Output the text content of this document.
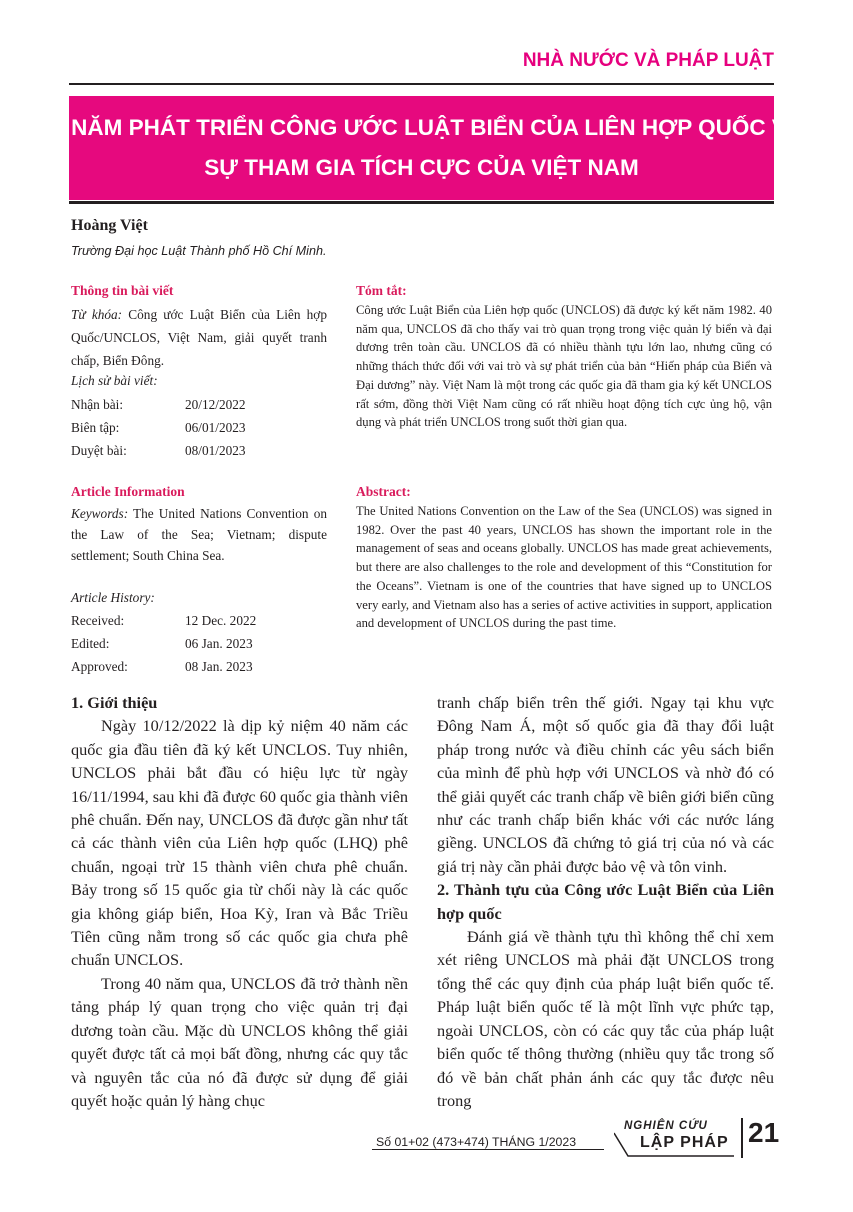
NHÀ NƯỚC VÀ PHÁP LUẬT
40 NĂM PHÁT TRIỂN CÔNG ƯỚC LUẬT BIỂN CỦA LIÊN HỢP QUỐC VÀ
SỰ THAM GIA TÍCH CỰC CỦA VIỆT NAM
Hoàng Việt
Trường Đại học Luật Thành phố Hồ Chí Minh.
Thông tin bài viết
Từ khóa: Công ước Luật Biển của Liên hợp Quốc/UNCLOS, Việt Nam, giải quyết tranh chấp, Biển Đông.
Lịch sử bài viết:
Nhận bài:	20/12/2022
Biên tập:	06/01/2023
Duyệt bài:	08/01/2023
Tóm tắt:
Công ước Luật Biển của Liên hợp quốc (UNCLOS) đã được ký kết năm 1982. 40 năm qua, UNCLOS đã cho thấy vai trò quan trọng trong việc quản lý biển và đại dương trên toàn cầu. UNCLOS đã có nhiều thành tựu lớn lao, nhưng cũng có những thách thức đối với vai trò và sự phát triển của bản “Hiến pháp của Biển và Đại dương” này. Việt Nam là một trong các quốc gia đã tham gia ký kết UNCLOS rất sớm, đồng thời Việt Nam cũng có rất nhiều hoạt động tích cực ủng hộ, vận dụng và phát triển UNCLOS trong suốt thời gian qua.
Article Information
Keywords: The United Nations Convention on the Law of the Sea; Vietnam; dispute settlement; South China Sea.
Article History:
Received:	12 Dec. 2022
Edited:	06 Jan. 2023
Approved:	08 Jan. 2023
Abstract:
The United Nations Convention on the Law of the Sea (UNCLOS) was signed in 1982. Over the past 40 years, UNCLOS has shown the important role in the management of seas and oceans globally. UNCLOS has made great achievements, but there are also challenges to the role and development of this “Constitution for the Oceans”. Vietnam is one of the countries that have signed up to UNCLOS very early, and Vietnam also has a series of active activities in support, application and development of UNCLOS during the past time.

1. Giới thiệu

Ngày 10/12/2022 là dịp kỷ niệm 40 năm các quốc gia đầu tiên đã ký kết UNCLOS. Tuy nhiên, UNCLOS phải bắt đầu có hiệu lực từ ngày 16/11/1994, sau khi đã được 60 quốc gia thành viên phê chuẩn. Đến nay, UNCLOS đã được gần như tất cả các thành viên của Liên hợp quốc (LHQ) phê chuẩn, ngoại trừ 15 thành viên chưa phê chuẩn. Bảy trong số 15 quốc gia từ chối này là các quốc gia không giáp biển, Hoa Kỳ, Iran và Bắc Triều Tiên cũng nằm trong số các quốc gia chưa phê chuẩn UNCLOS.

Trong 40 năm qua, UNCLOS đã trở thành nền tảng pháp lý quan trọng cho việc quản trị đại dương toàn cầu. Mặc dù UNCLOS không thể giải quyết được tất cả mọi bất đồng, nhưng các quy tắc và nguyên tắc của nó đã được sử dụng để giải quyết hoặc quản lý hàng chục

tranh chấp biển trên thế giới. Ngay tại khu vực Đông Nam Á, một số quốc gia đã thay đổi luật pháp trong nước và điều chỉnh các yêu sách biển của mình để phù hợp với UNCLOS và nhờ đó có thể giải quyết các tranh chấp về biên giới biển cũng như các tranh chấp biển khác với các nước láng giềng. UNCLOS đã chứng tỏ giá trị của nó và các giá trị này cần phải được bảo vệ và tôn vinh.

2. Thành tựu của Công ước Luật Biển của Liên hợp quốc

Đánh giá về thành tựu thì không thể chỉ xem xét riêng UNCLOS mà phải đặt UNCLOS trong tổng thể các quy định của pháp luật biển quốc tế. Pháp luật biển quốc tế là một lĩnh vực phức tạp, ngoài UNCLOS, còn có các quy tắc của pháp luật biển quốc tế thông thường (nhiều quy tắc trong số đó về bản chất phản ánh các quy tắc được nêu trong

Số 01+02 (473+474) THÁNG 1/2023
NGHIÊN CỨU
LẬP PHÁP 21
